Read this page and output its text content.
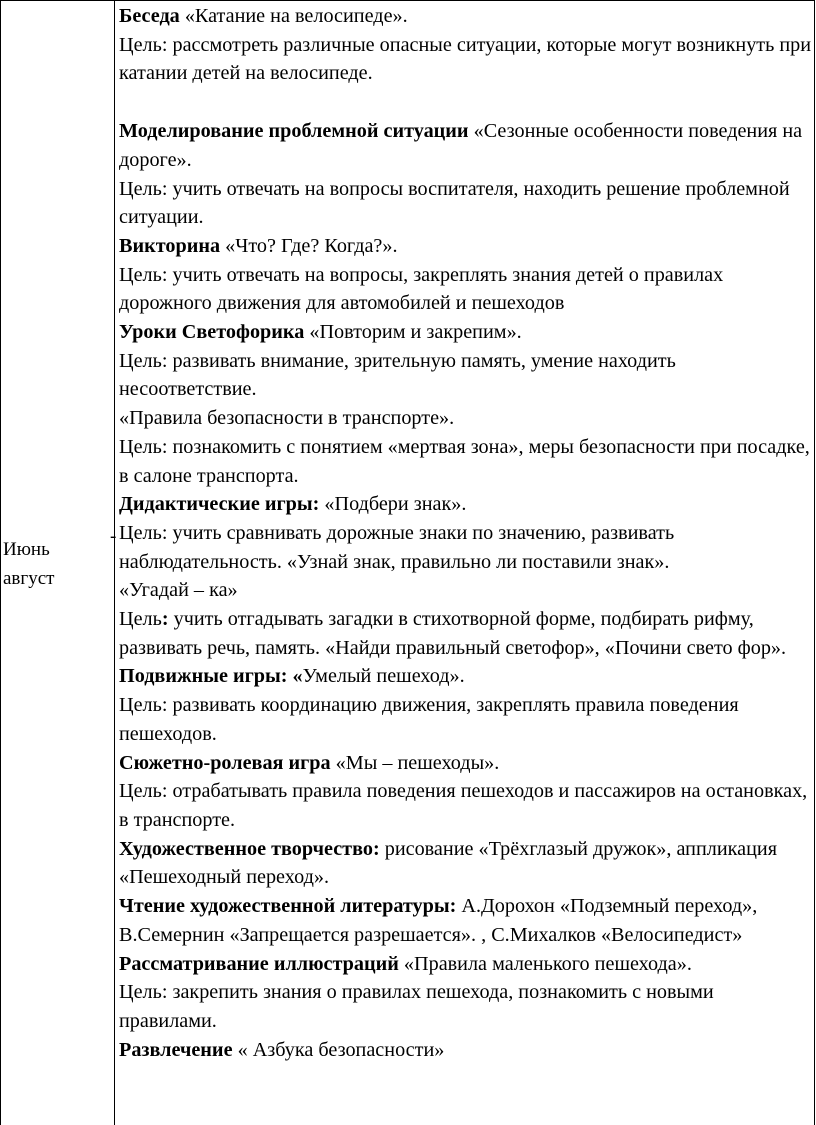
Июнь
август
-

Беседа «Катание на велосипеде».

Цель: рассмотреть различные опасные ситуации, которые могут возникнуть при катании детей на велосипеде.

Моделирование проблемной ситуации «Сезонные особенности поведения на дороге».

Цель: учить отвечать на вопросы воспитателя, находить решение проблемной ситуации.

Викторина «Что? Где? Когда?».

Цель: учить отвечать на вопросы, закреплять знания детей о правилах дорожного движения для автомобилей и пешеходов

Уроки Светофорика «Повторим и закрепим».

Цель: развивать внимание, зрительную память, умение находить несоответствие.

«Правила безопасности в транспорте».

Цель: познакомить с понятием «мертвая зона», меры безопасности при посадке, в салоне транспорта.

Дидактические игры: «Подбери знак».

Цель: учить сравнивать дорожные знаки по значению, развивать наблюдательность. «Узнай знак, правильно ли поставили знак».

«Угадай – ка»

Цель: учить отгадывать загадки в стихотворной форме, подбирать рифму, развивать речь, память. «Найди правильный светофор», «Почини свето фор».

Подвижные игры: «Умелый пешеход».

Цель: развивать координацию движения, закреплять правила поведения пешеходов.

Сюжетно-ролевая игра «Мы – пешеходы».

Цель: отрабатывать правила поведения пешеходов и пассажиров на остановках, в транспорте.

Художественное творчество: рисование «Трёхглазый дружок», аппликация «Пешеходный переход».

Чтение художественной литературы: А.Дорохон «Подземный переход», В.Семернин «Запрещается разрешается». , С.Михалков «Велосипедист»

Рассматривание иллюстраций «Правила маленького пешехода».

Цель: закрепить знания о правилах пешехода, познакомить с новыми правилами.

Развлечение « Азбука безопасности»
